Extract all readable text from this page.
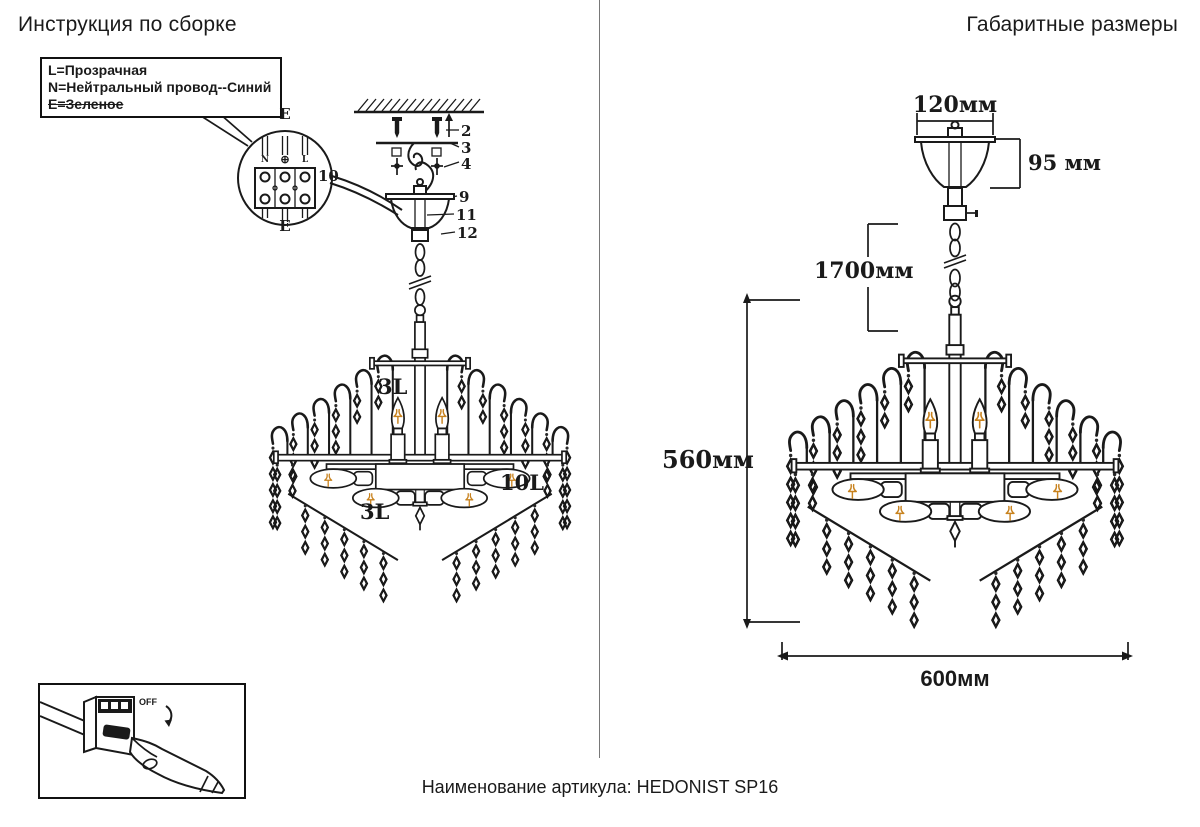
Инструкция по сборке	Габаритные размеры
L=Прозрачная
N=Нейтральный провод--Синий
E=Зеленое
E
N	⊕	L
10
E
2
3
4
9
11
12
3L
10L
3L
OFF
120мм
95 мм
1700мм
560мм
600мм
Наименование артикула: HEDONIST SP16
